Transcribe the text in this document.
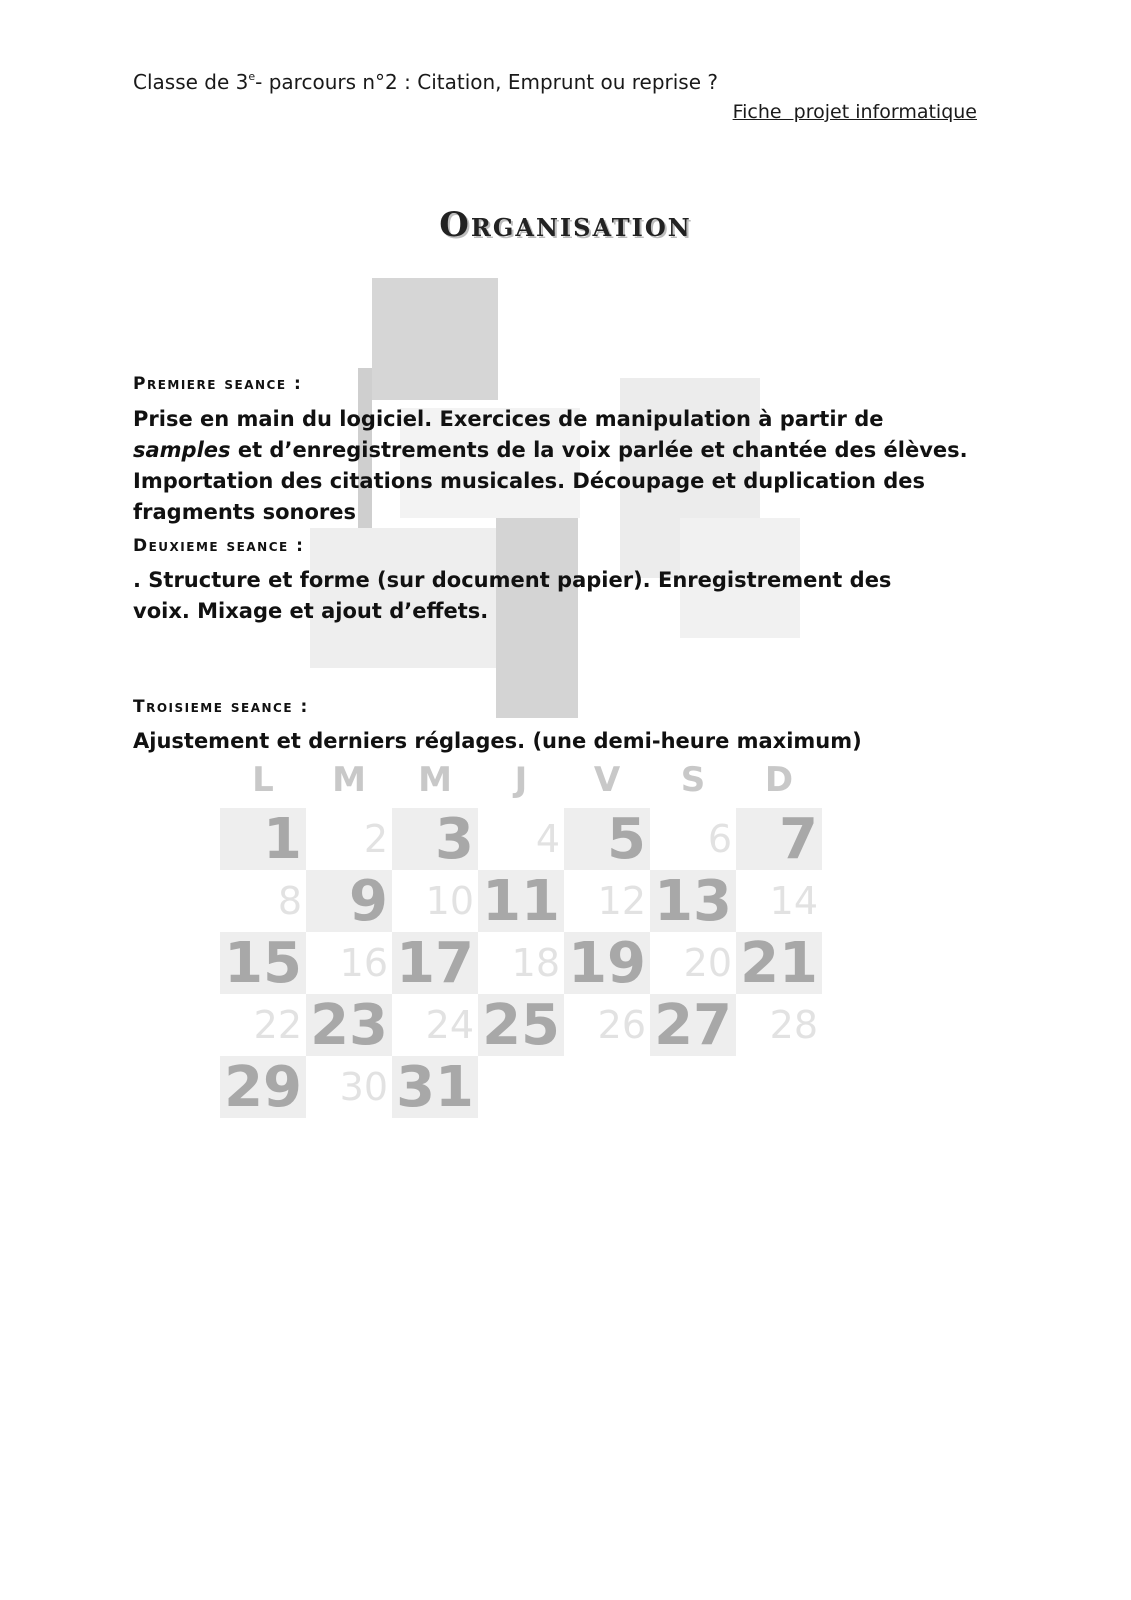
Classe de 3e- parcours n°2 : Citation, Emprunt ou reprise ?
Fiche  projet informatique
Organisation
Premiere seance :
Prise en main du logiciel. Exercices de manipulation à partir de samples et d’enregistrements de la voix parlée et chantée des élèves. Importation des citations musicales. Découpage et duplication des fragments sonores
Deuxieme seance :
. Structure et forme (sur document papier). Enregistrement des voix. Mixage et ajout d’effets.
Troisieme seance :
Ajustement et derniers réglages. (une demi-heure maximum)
L	M	M	J	V	S	D
1	2 3	4 5	6 7
8 9 10 11 12 13 14
15 16 17 18 19 20 21
22 23 24 25 26 27 28
29 30 31
